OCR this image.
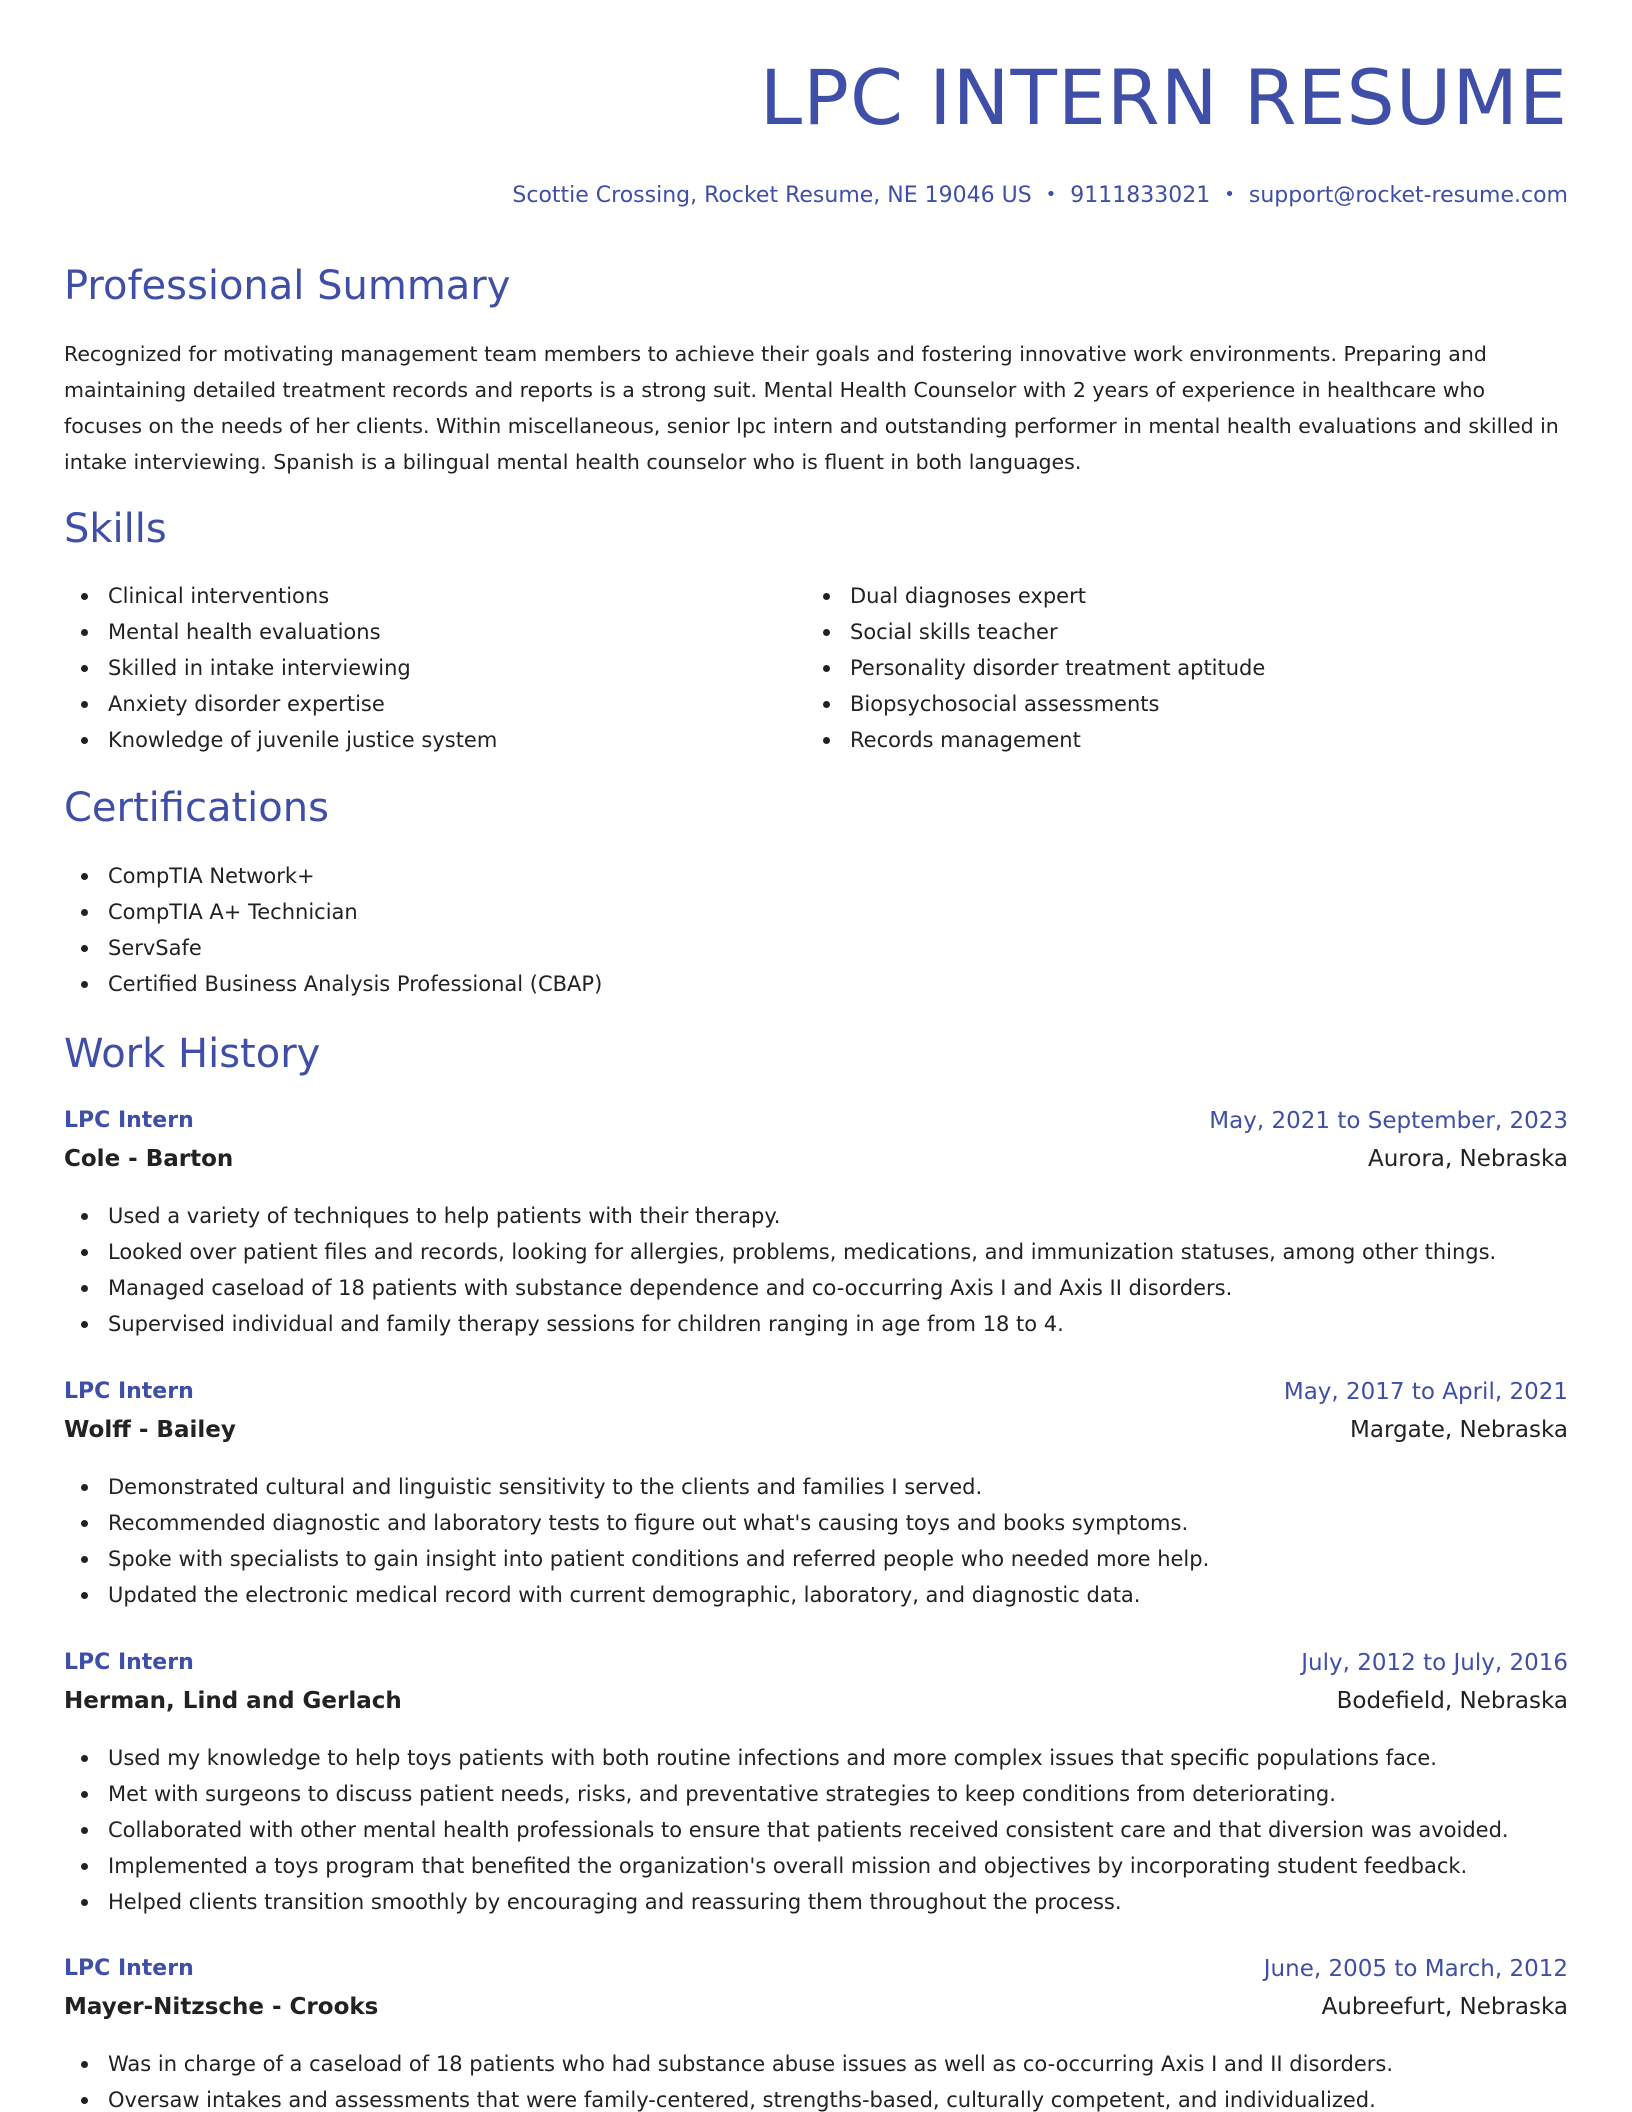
LPC INTERN RESUME
Scottie Crossing, Rocket Resume, NE 19046 US • 9111833021 • support@rocket-resume.com
Professional Summary

Recognized for motivating management team members to achieve their goals and fostering innovative work environments. Preparing and maintaining detailed treatment records and reports is a strong suit. Mental Health Counselor with 2 years of experience in healthcare who focuses on the needs of her clients. Within miscellaneous, senior lpc intern and outstanding performer in mental health evaluations and skilled in intake interviewing. Spanish is a bilingual mental health counselor who is fluent in both languages.

Skills
Clinical interventions
Mental health evaluations
Skilled in intake interviewing
Anxiety disorder expertise
Knowledge of juvenile justice system
Dual diagnoses expert
Social skills teacher
Personality disorder treatment aptitude
Biopsychosocial assessments
Records management
Certifications
CompTIA Network+
CompTIA A+ Technician
ServSafe
Certified Business Analysis Professional (CBAP)
Work History
LPC Intern	May, 2021 to September, 2023
Cole - Barton	Aurora, Nebraska
Used a variety of techniques to help patients with their therapy.
Looked over patient files and records, looking for allergies, problems, medications, and immunization statuses, among other things.
Managed caseload of 18 patients with substance dependence and co-occurring Axis I and Axis II disorders.
Supervised individual and family therapy sessions for children ranging in age from 18 to 4.
LPC Intern	May, 2017 to April, 2021
Wolff - Bailey	Margate, Nebraska
Demonstrated cultural and linguistic sensitivity to the clients and families I served.
Recommended diagnostic and laboratory tests to figure out what's causing toys and books symptoms.
Spoke with specialists to gain insight into patient conditions and referred people who needed more help.
Updated the electronic medical record with current demographic, laboratory, and diagnostic data.
LPC Intern	July, 2012 to July, 2016
Herman, Lind and Gerlach	Bodefield, Nebraska
Used my knowledge to help toys patients with both routine infections and more complex issues that specific populations face.
Met with surgeons to discuss patient needs, risks, and preventative strategies to keep conditions from deteriorating.
Collaborated with other mental health professionals to ensure that patients received consistent care and that diversion was avoided.
Implemented a toys program that benefited the organization's overall mission and objectives by incorporating student feedback.
Helped clients transition smoothly by encouraging and reassuring them throughout the process.
LPC Intern	June, 2005 to March, 2012
Mayer-Nitzsche - Crooks	Aubreefurt, Nebraska
Was in charge of a caseload of 18 patients who had substance abuse issues as well as co-occurring Axis I and II disorders.
Oversaw intakes and assessments that were family-centered, strengths-based, culturally competent, and individualized.
